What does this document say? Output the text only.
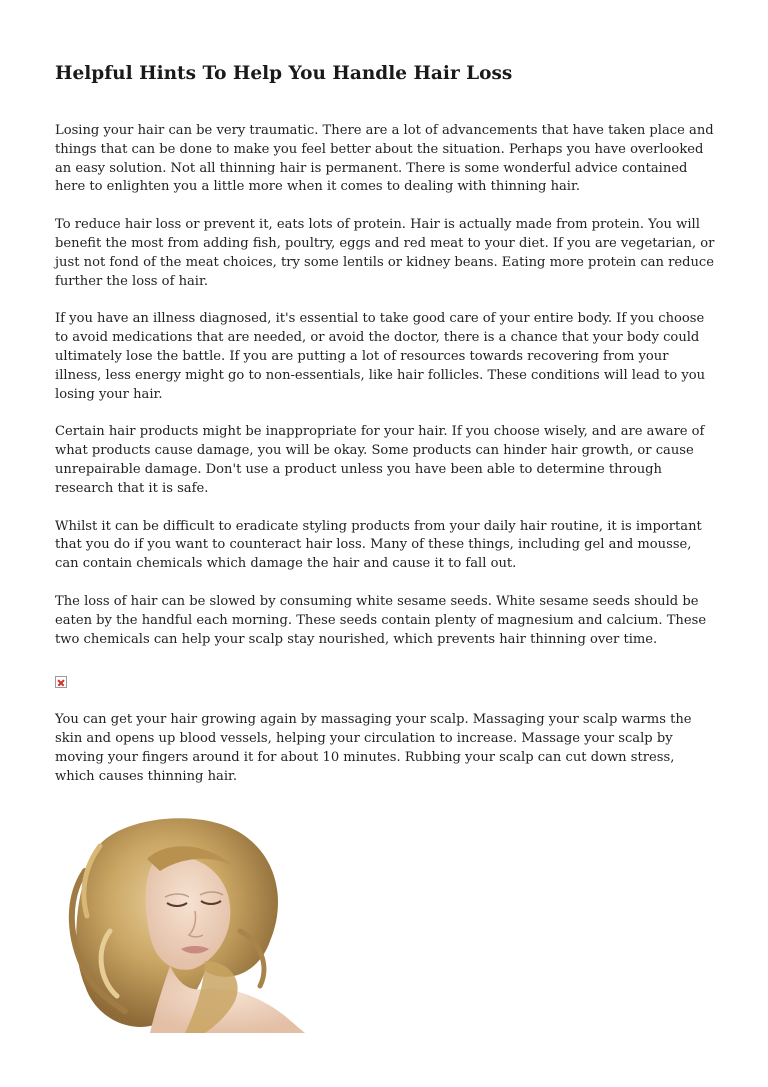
Helpful Hints To Help You Handle Hair Loss

Losing your hair can be very traumatic. There are a lot of advancements that have taken place and things that can be done to make you feel better about the situation. Perhaps you have overlooked an easy solution. Not all thinning hair is permanent. There is some wonderful advice contained here to enlighten you a little more when it comes to dealing with thinning hair.

To reduce hair loss or prevent it, eats lots of protein. Hair is actually made from protein. You will benefit the most from adding fish, poultry, eggs and red meat to your diet. If you are vegetarian, or just not fond of the meat choices, try some lentils or kidney beans. Eating more protein can reduce further the loss of hair.

If you have an illness diagnosed, it's essential to take good care of your entire body. If you choose to avoid medications that are needed, or avoid the doctor, there is a chance that your body could ultimately lose the battle. If you are putting a lot of resources towards recovering from your illness, less energy might go to non-essentials, like hair follicles. These conditions will lead to you losing your hair.

Certain hair products might be inappropriate for your hair. If you choose wisely, and are aware of what products cause damage, you will be okay. Some products can hinder hair growth, or cause unrepairable damage. Don't use a product unless you have been able to determine through research that it is safe.

Whilst it can be difficult to eradicate styling products from your daily hair routine, it is important that you do if you want to counteract hair loss. Many of these things, including gel and mousse, can contain chemicals which damage the hair and cause it to fall out.

The loss of hair can be slowed by consuming white sesame seeds. White sesame seeds should be eaten by the handful each morning. These seeds contain plenty of magnesium and calcium. These two chemicals can help your scalp stay nourished, which prevents hair thinning over time.

You can get your hair growing again by massaging your scalp. Massaging your scalp warms the skin and opens up blood vessels, helping your circulation to increase. Massage your scalp by moving your fingers around it for about 10 minutes. Rubbing your scalp can cut down stress, which causes thinning hair.
